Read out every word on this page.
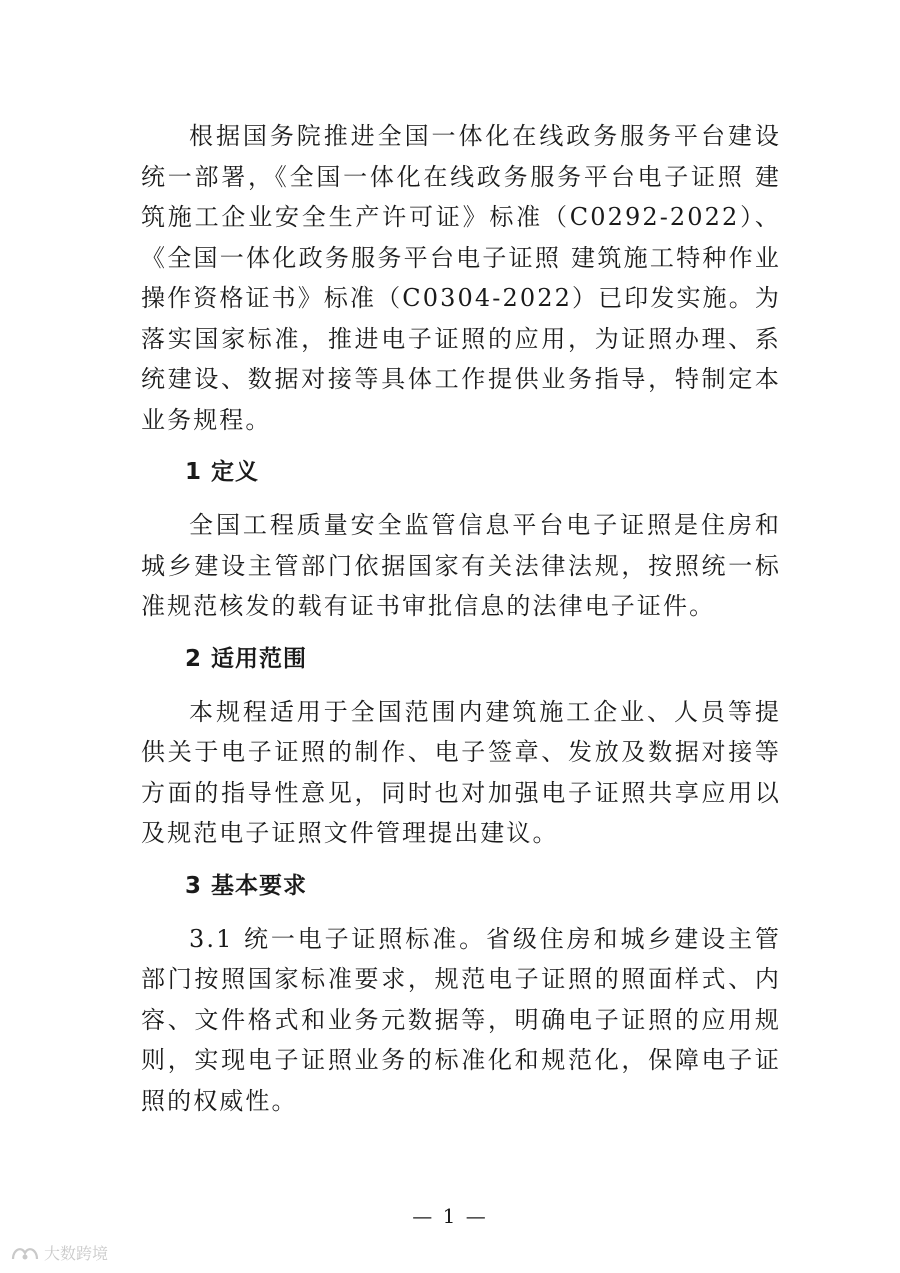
根据国务院推进全国一体化在线政务服务平台建设统一部署，《全国一体化在线政务服务平台电子证照 建筑施工企业安全生产许可证》标准（C0292-2022）、《全国一体化政务服务平台电子证照 建筑施工特种作业操作资格证书》标准（C0304-2022）已印发实施。为落实国家标准，推进电子证照的应用，为证照办理、系统建设、数据对接等具体工作提供业务指导，特制定本业务规程。

1 定义

全国工程质量安全监管信息平台电子证照是住房和城乡建设主管部门依据国家有关法律法规，按照统一标准规范核发的载有证书审批信息的法律电子证件。

2 适用范围

本规程适用于全国范围内建筑施工企业、人员等提供关于电子证照的制作、电子签章、发放及数据对接等方面的指导性意见，同时也对加强电子证照共享应用以及规范电子证照文件管理提出建议。

3 基本要求

3.1 统一电子证照标准。省级住房和城乡建设主管部门按照国家标准要求，规范电子证照的照面样式、内容、文件格式和业务元数据等，明确电子证照的应用规则，实现电子证照业务的标准化和规范化，保障电子证照的权威性。

— 1 —
大数跨境
